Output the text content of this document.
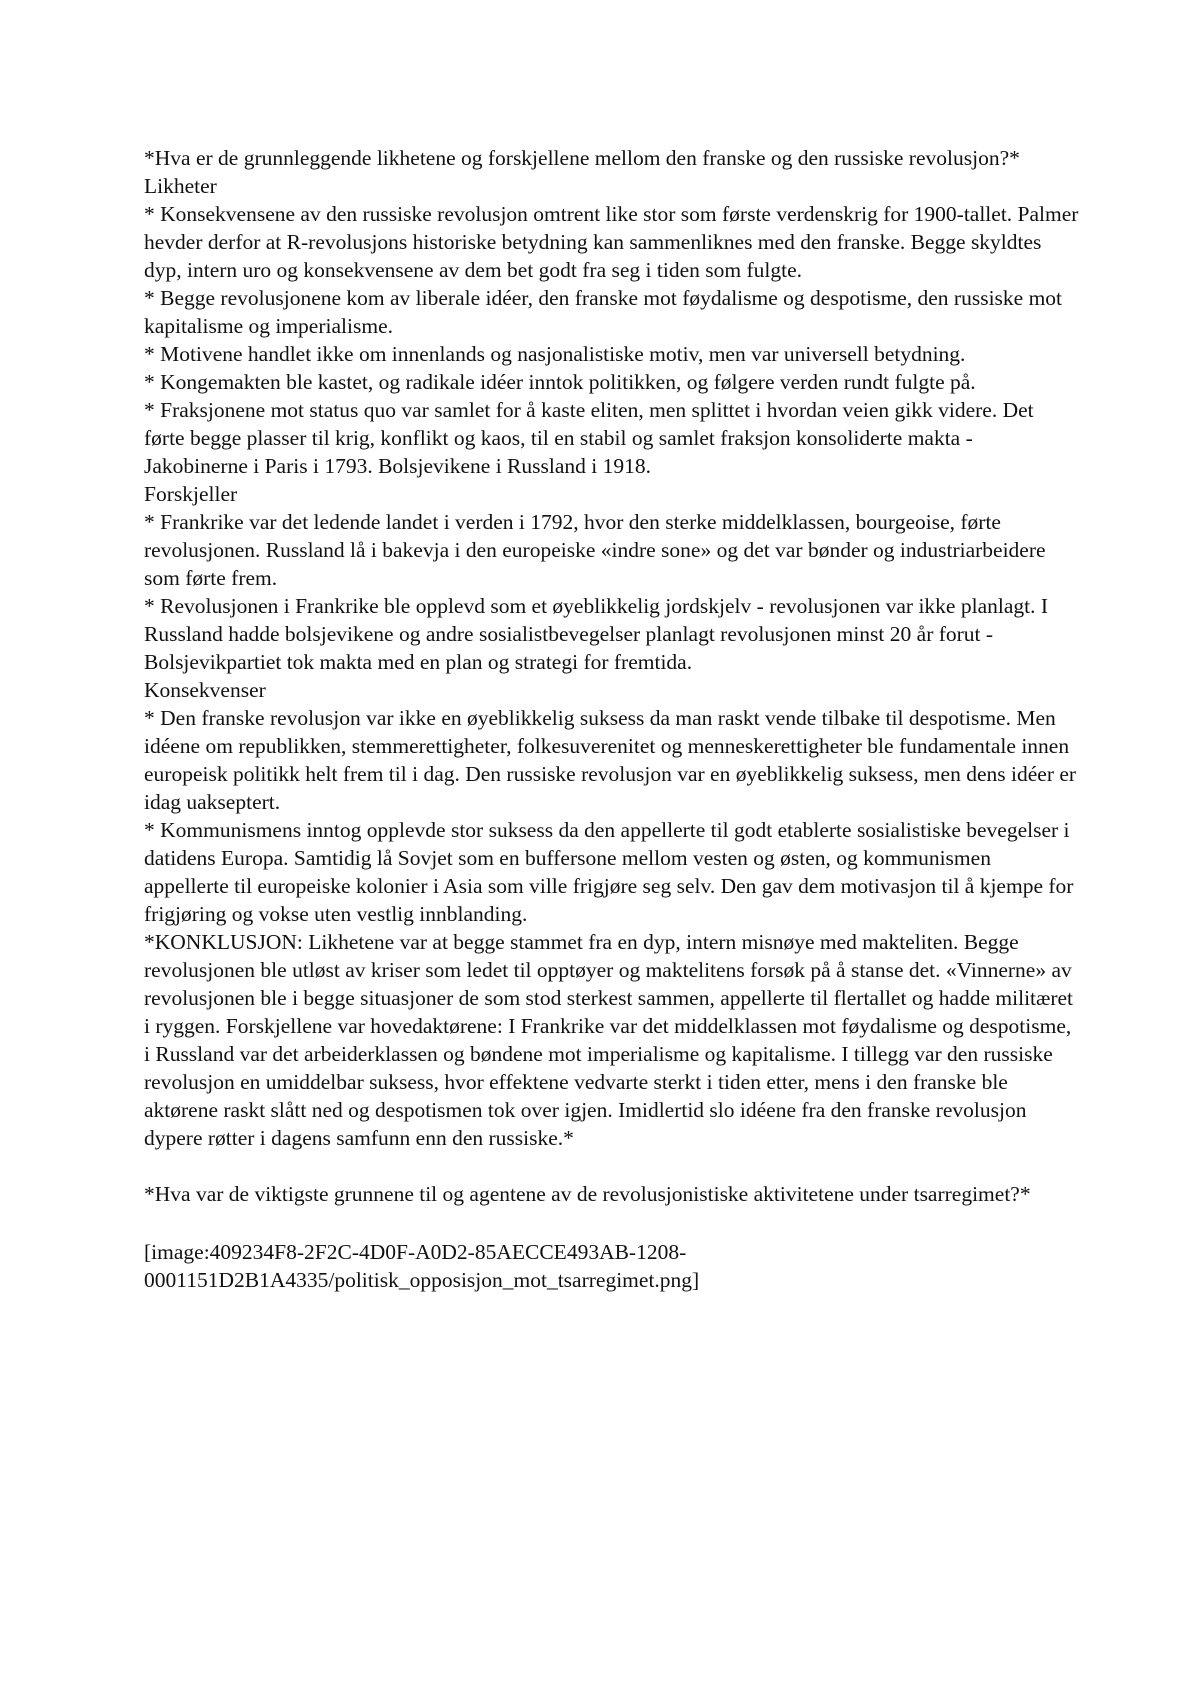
*Hva er de grunnleggende likhetene og forskjellene mellom den franske og den russiske revolusjon?*

Likheter

* Konsekvensene av den russiske revolusjon omtrent like stor som første verdenskrig for 1900-tallet. Palmer hevder derfor at R-revolusjons historiske betydning kan sammenliknes med den franske. Begge skyldtes dyp, intern uro og konsekvensene av dem bet godt fra seg i tiden som fulgte.

* Begge revolusjonene kom av liberale idéer, den franske mot føydalisme og despotisme, den russiske mot kapitalisme og imperialisme.

* Motivene handlet ikke om innenlands og nasjonalistiske motiv, men var universell betydning.

* Kongemakten ble kastet, og radikale idéer inntok politikken, og følgere verden rundt fulgte på.

* Fraksjonene mot status quo var samlet for å kaste eliten, men splittet i hvordan veien gikk videre. Det førte begge plasser til krig, konflikt og kaos, til en stabil og samlet fraksjon konsoliderte makta - Jakobinerne i Paris i 1793. Bolsjevikene i Russland i 1918.

Forskjeller

* Frankrike var det ledende landet i verden i 1792, hvor den sterke middelklassen, bourgeoise, førte revolusjonen. Russland lå i bakevja i den europeiske «indre sone» og det var bønder og industriarbeidere som førte frem.

* Revolusjonen i Frankrike ble opplevd som et øyeblikkelig jordskjelv - revolusjonen var ikke planlagt. I Russland hadde bolsjevikene og andre sosialistbevegelser planlagt revolusjonen minst 20 år forut - Bolsjevikpartiet tok makta med en plan og strategi for fremtida.

Konsekvenser

* Den franske revolusjon var ikke en øyeblikkelig suksess da man raskt vende tilbake til despotisme. Men idéene om republikken, stemmerettigheter, folkesuverenitet og menneskerettigheter ble fundamentale innen europeisk politikk helt frem til i dag. Den russiske revolusjon var en øyeblikkelig suksess, men dens idéer er idag uakseptert.

* Kommunismens inntog opplevde stor suksess da den appellerte til godt etablerte sosialistiske bevegelser i datidens Europa. Samtidig lå Sovjet som en buffersone mellom vesten og østen, og kommunismen appellerte til europeiske kolonier i Asia som ville frigjøre seg selv. Den gav dem motivasjon til å kjempe for frigjøring og vokse uten vestlig innblanding.

*KONKLUSJON: Likhetene var at begge stammet fra en dyp, intern misnøye med makteliten. Begge revolusjonen ble utløst av kriser som ledet til opptøyer og maktelitens forsøk på å stanse det. «Vinnerne» av revolusjonen ble i begge situasjoner de som stod sterkest sammen, appellerte til flertallet og hadde militæret i ryggen. Forskjellene var hovedaktørene: I Frankrike var det middelklassen mot føydalisme og despotisme, i Russland var det arbeiderklassen og bøndene mot imperialisme og kapitalisme. I tillegg var den russiske revolusjon en umiddelbar suksess, hvor effektene vedvarte sterkt i tiden etter, mens i den franske ble aktørene raskt slått ned og despotismen tok over igjen. Imidlertid slo idéene fra den franske revolusjon dypere røtter i dagens samfunn enn den russiske.*

*Hva var de viktigste grunnene til og agentene av de revolusjonistiske aktivitetene under tsarregimet?*

[image:409234F8-2F2C-4D0F-A0D2-85AECCE493AB-1208-0001151D2B1A4335/politisk_opposisjon_mot_tsarregimet.png]
